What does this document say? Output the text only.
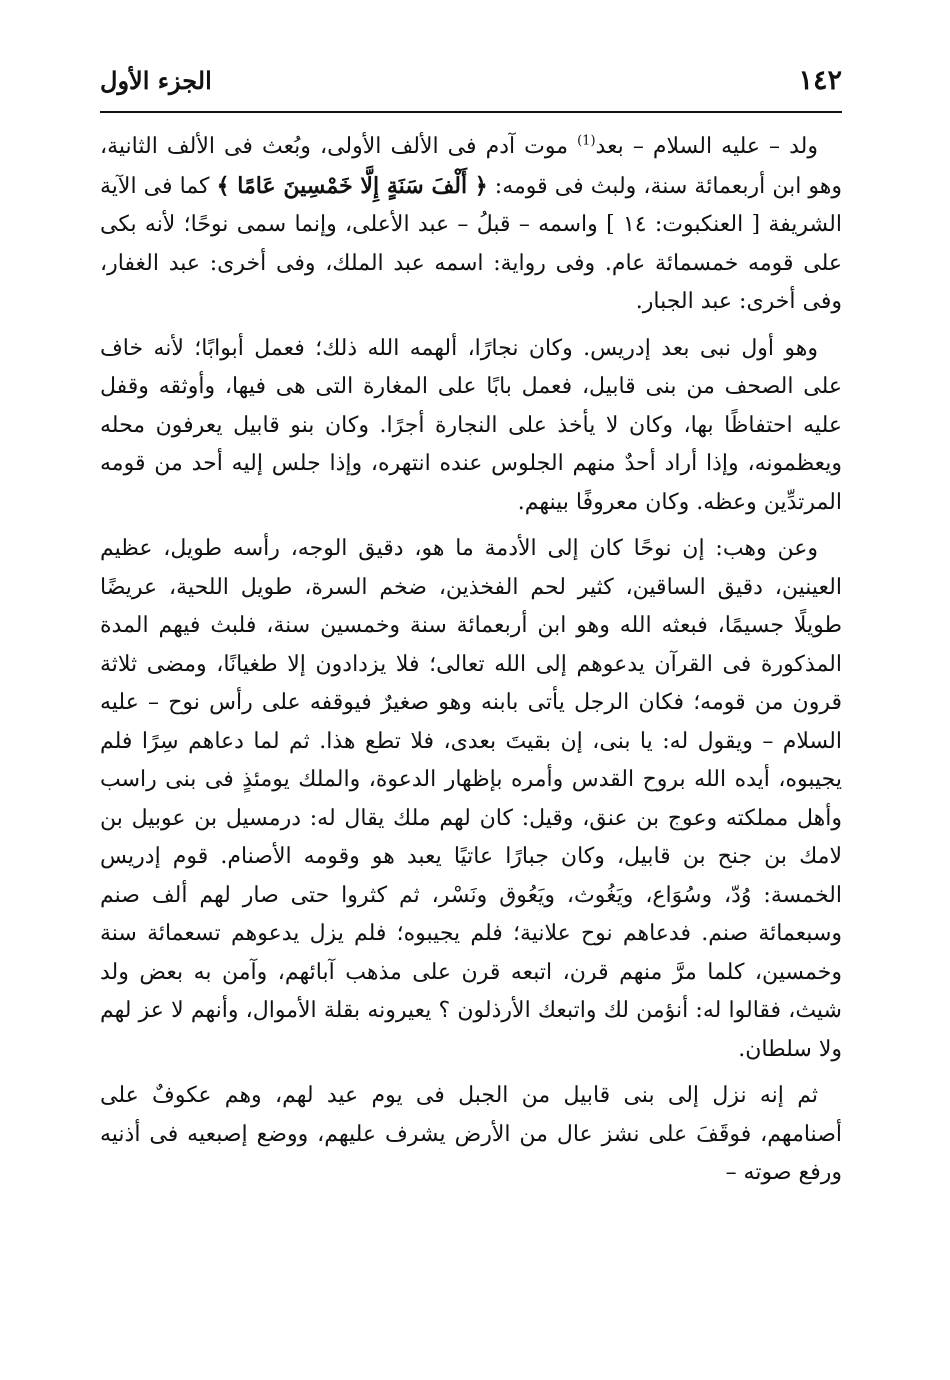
١٤٢
الجزء الأول

ولد – عليه السلام – بعد$^{(1)}$ موت آدم فى الألف الأولى، وبُعث فى الألف الثانية، وهو ابن أربعمائة سنة، ولبث فى قومه: ﴿ أَلْفَ سَنَةٍ إِلَّا خَمْسِينَ عَامًا ﴾ كما فى الآية الشريفة [ العنكبوت: ١٤ ] واسمه – قبلُ – عبد الأعلى، وإنما سمى نوحًا؛ لأنه بكى على قومه خمسمائة عام. وفى رواية: اسمه عبد الملك، وفى أخرى: عبد الغفار، وفى أخرى: عبد الجبار.

وهو أول نبى بعد إدريس. وكان نجارًا، ألهمه الله ذلك؛ فعمل أبوابًا؛ لأنه خاف على الصحف من بنى قابيل، فعمل بابًا على المغارة التى هى فيها، وأوثقه وقفل عليه احتفاظًا بها، وكان لا يأخذ على النجارة أجرًا. وكان بنو قابيل يعرفون محله ويعظمونه، وإذا أراد أحدٌ منهم الجلوس عنده انتهره، وإذا جلس إليه أحد من قومه المرتدِّين وعظه. وكان معروفًا بينهم.

وعن وهب: إن نوحًا كان إلى الأدمة ما هو، دقيق الوجه، رأسه طويل، عظيم العينين، دقيق الساقين، كثير لحم الفخذين، ضخم السرة، طويل اللحية، عريضًا طويلًا جسيمًا، فبعثه الله وهو ابن أربعمائة سنة وخمسين سنة، فلبث فيهم المدة المذكورة فى القرآن يدعوهم إلى الله تعالى؛ فلا يزدادون إلا طغيانًا، ومضى ثلاثة قرون من قومه؛ فكان الرجل يأتى بابنه وهو صغيرٌ فيوقفه على رأس نوح – عليه السلام – ويقول له: يا بنى، إن بقيتَ بعدى، فلا تطع هذا. ثم لما دعاهم سِرًا فلم يجيبوه، أيده الله بروح القدس وأمره بإظهار الدعوة، والملك يومئذٍ فى بنى راسب وأهل مملكته وعوج بن عنق، وقيل: كان لهم ملك يقال له: درمسيل بن عوبيل بن لامك بن جنح بن قابيل، وكان جبارًا عاتيًا يعبد هو وقومه الأصنام. قوم إدريس الخمسة: وُدّ، وسُوَاع، ويَغُوث، ويَعُوق ونَسْر، ثم كثروا حتى صار لهم ألف صنم وسبعمائة صنم. فدعاهم نوح علانية؛ فلم يجيبوه؛ فلم يزل يدعوهم تسعمائة سنة وخمسين، كلما مرَّ منهم قرن، اتبعه قرن على مذهب آبائهم، وآمن به بعض ولد شيث، فقالوا له: أنؤمن لك واتبعك الأرذلون ؟ يعيرونه بقلة الأموال، وأنهم لا عز لهم ولا سلطان.

ثم إنه نزل إلى بنى قابيل من الجبل فى يوم عيد لهم، وهم عكوفٌ على أصنامهم، فوقَفَ على نشز عال من الأرض يشرف عليهم، ووضع إصبعيه فى أذنيه ورفع صوته –
